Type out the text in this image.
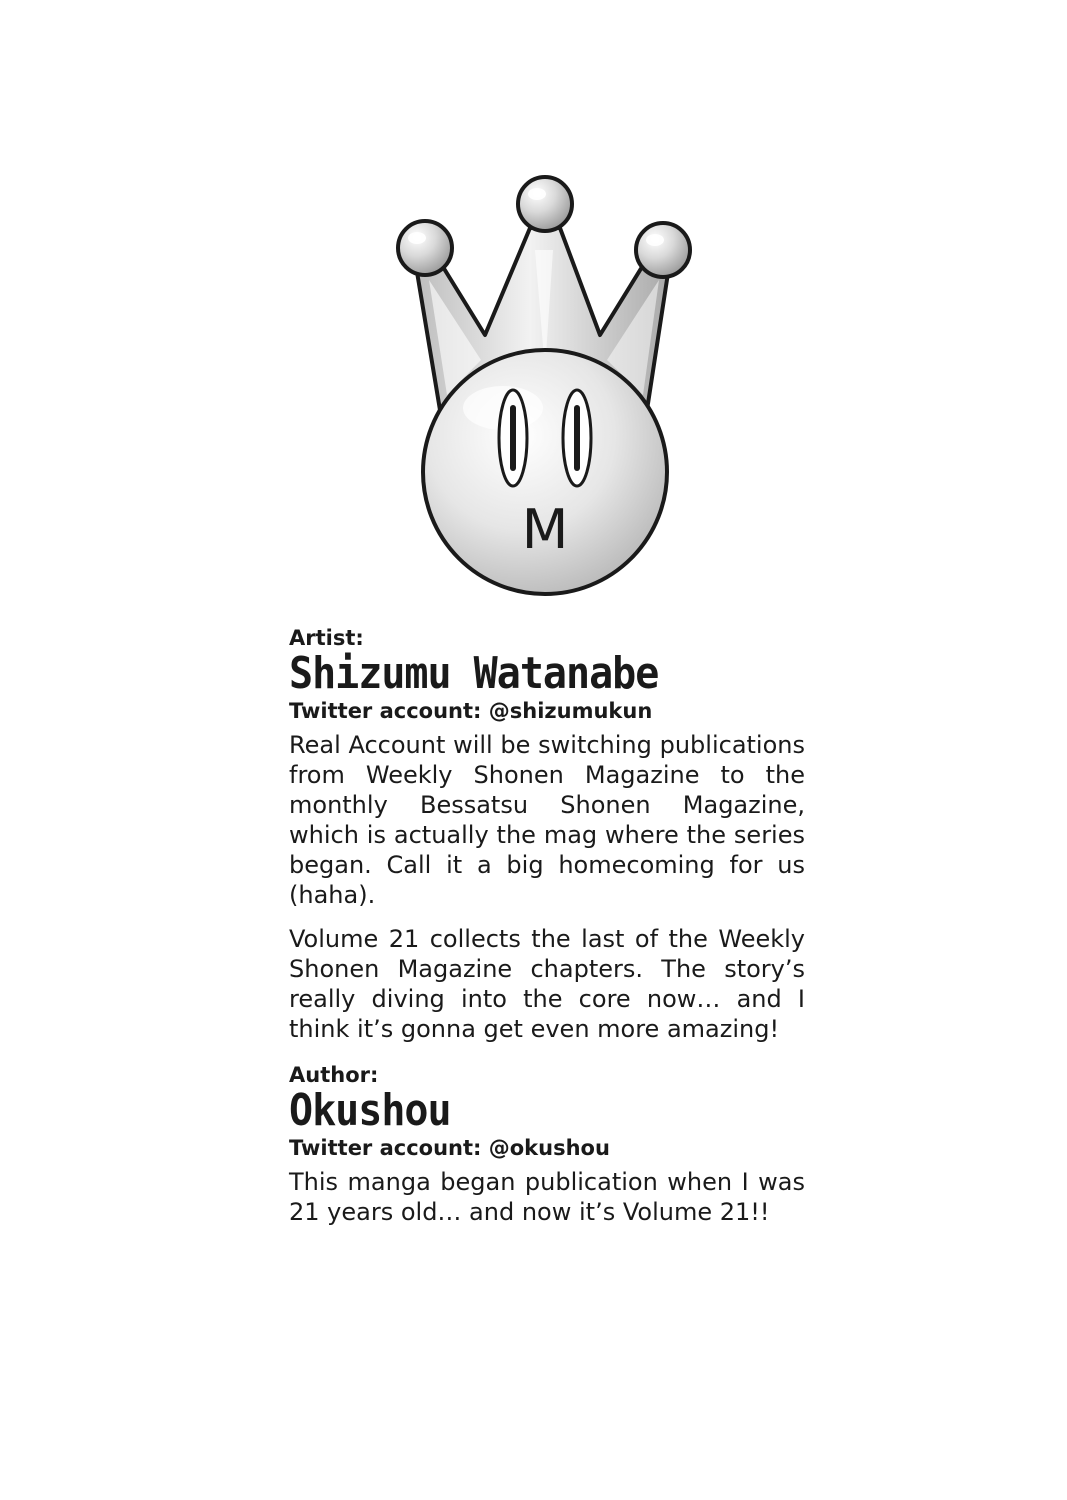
M

Artist:

Shizumu Watanabe

Twitter account: @shizumukun

Real Account will be switching publications from Weekly Shonen Magazine to the monthly Bessatsu Shonen Magazine, which is actually the mag where the series began. Call it a big homecoming for us (haha).

Volume 21 collects the last of the Weekly Shonen Magazine chapters. The story’s really diving into the core now… and I think it’s gonna get even more amazing!

Author:

Okushou

Twitter account: @okushou

This manga began publication when I was 21 years old… and now it’s Volume 21!!
